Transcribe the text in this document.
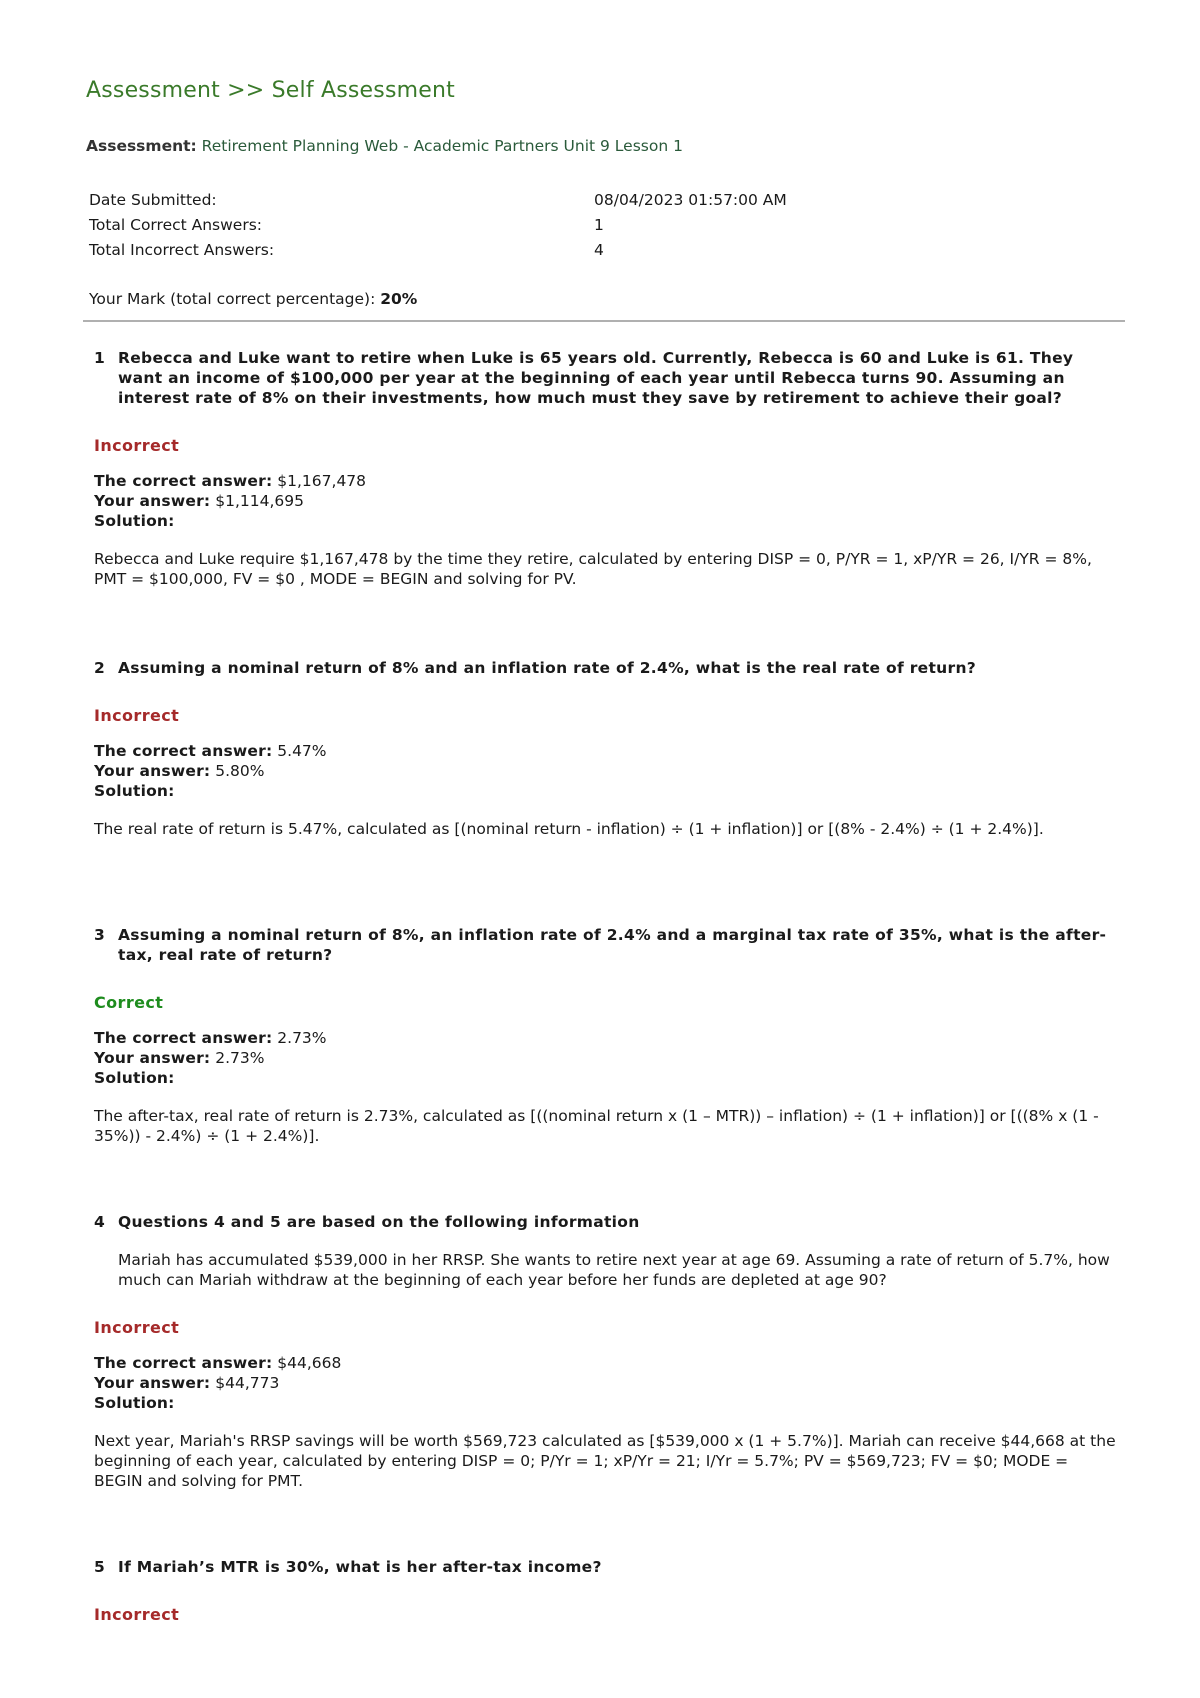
Assessment >> Self Assessment
Assessment: Retirement Planning Web - Academic Partners Unit 9 Lesson 1
Date Submitted:	08/04/2023 01:57:00 AM
Total Correct Answers:	1
Total Incorrect Answers:	4
Your Mark (total correct percentage): 20%
1 Rebecca and Luke want to retire when Luke is 65 years old. Currently, Rebecca is 60 and Luke is 61. They want an income of $100,000 per year at the beginning of each year until Rebecca turns 90. Assuming an interest rate of 8% on their investments, how much must they save by retirement to achieve their goal?
Incorrect
The correct answer: $1,167,478
Your answer: $1,114,695
Solution:
Rebecca and Luke require $1,167,478 by the time they retire, calculated by entering DISP = 0, P/YR = 1, xP/YR = 26, I/YR = 8%, PMT = $100,000, FV = $0 , MODE = BEGIN and solving for PV.
2 Assuming a nominal return of 8% and an inflation rate of 2.4%, what is the real rate of return?
Incorrect
The correct answer: 5.47%
Your answer: 5.80%
Solution:
The real rate of return is 5.47%, calculated as [(nominal return - inflation) ÷ (1 + inflation)] or [(8% - 2.4%) ÷ (1 + 2.4%)].
3 Assuming a nominal return of 8%, an inflation rate of 2.4% and a marginal tax rate of 35%, what is the after-tax, real rate of return?
Correct
The correct answer: 2.73%
Your answer: 2.73%
Solution:
The after-tax, real rate of return is 2.73%, calculated as [((nominal return x (1 – MTR)) – inflation) ÷ (1 + inflation)] or [((8% x (1 - 35%)) - 2.4%) ÷ (1 + 2.4%)].
4 Questions 4 and 5 are based on the following information
Mariah has accumulated $539,000 in her RRSP. She wants to retire next year at age 69. Assuming a rate of return of 5.7%, how much can Mariah withdraw at the beginning of each year before her funds are depleted at age 90?
Incorrect
The correct answer: $44,668
Your answer: $44,773
Solution:
Next year, Mariah's RRSP savings will be worth $569,723 calculated as [$539,000 x (1 + 5.7%)]. Mariah can receive $44,668 at the beginning of each year, calculated by entering DISP = 0; P/Yr = 1; xP/Yr = 21; I/Yr = 5.7%; PV = $569,723; FV = $0; MODE = BEGIN and solving for PMT.
5 If Mariah’s MTR is 30%, what is her after-tax income?
Incorrect
